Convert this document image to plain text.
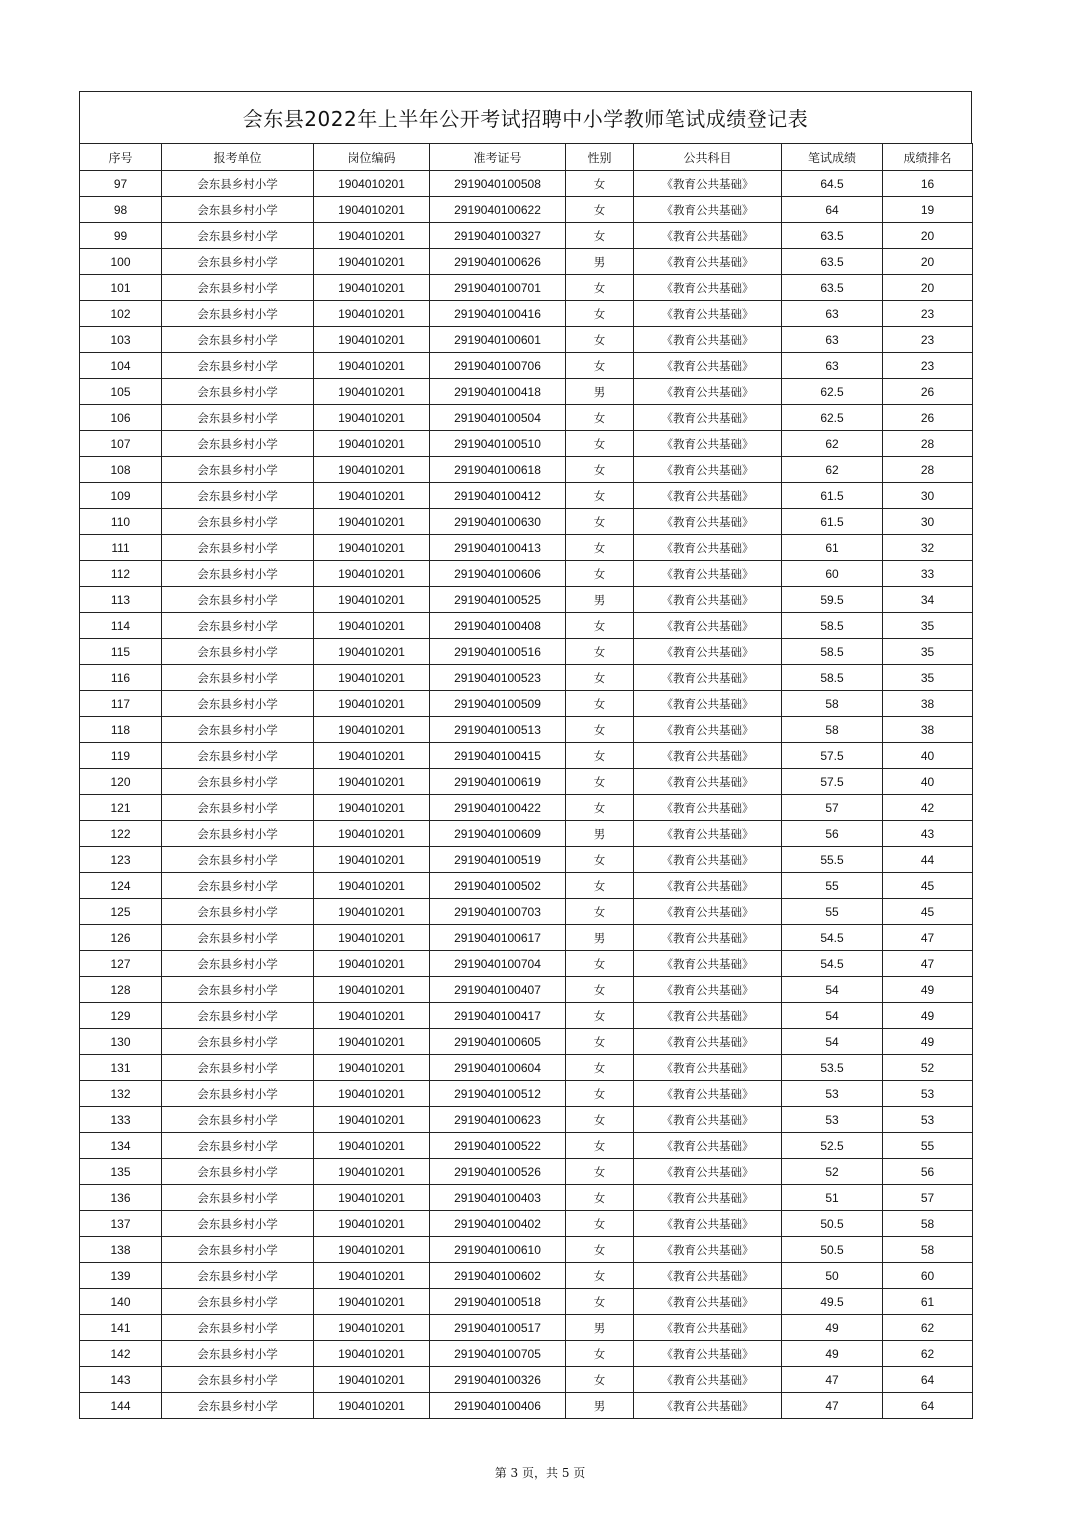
会东县2022年上半年公开考试招聘中小学教师笔试成绩登记表
序号	报考单位	岗位编码	准考证号	性别	公共科目	笔试成绩	成绩排名
97	会东县乡村小学	1904010201	2919040100508	女	《教育公共基础》	64.5	16
98	会东县乡村小学	1904010201	2919040100622	女	《教育公共基础》	64	19
99	会东县乡村小学	1904010201	2919040100327	女	《教育公共基础》	63.5	20
100	会东县乡村小学	1904010201	2919040100626	男	《教育公共基础》	63.5	20
101	会东县乡村小学	1904010201	2919040100701	女	《教育公共基础》	63.5	20
102	会东县乡村小学	1904010201	2919040100416	女	《教育公共基础》	63	23
103	会东县乡村小学	1904010201	2919040100601	女	《教育公共基础》	63	23
104	会东县乡村小学	1904010201	2919040100706	女	《教育公共基础》	63	23
105	会东县乡村小学	1904010201	2919040100418	男	《教育公共基础》	62.5	26
106	会东县乡村小学	1904010201	2919040100504	女	《教育公共基础》	62.5	26
107	会东县乡村小学	1904010201	2919040100510	女	《教育公共基础》	62	28
108	会东县乡村小学	1904010201	2919040100618	女	《教育公共基础》	62	28
109	会东县乡村小学	1904010201	2919040100412	女	《教育公共基础》	61.5	30
110	会东县乡村小学	1904010201	2919040100630	女	《教育公共基础》	61.5	30
111	会东县乡村小学	1904010201	2919040100413	女	《教育公共基础》	61	32
112	会东县乡村小学	1904010201	2919040100606	女	《教育公共基础》	60	33
113	会东县乡村小学	1904010201	2919040100525	男	《教育公共基础》	59.5	34
114	会东县乡村小学	1904010201	2919040100408	女	《教育公共基础》	58.5	35
115	会东县乡村小学	1904010201	2919040100516	女	《教育公共基础》	58.5	35
116	会东县乡村小学	1904010201	2919040100523	女	《教育公共基础》	58.5	35
117	会东县乡村小学	1904010201	2919040100509	女	《教育公共基础》	58	38
118	会东县乡村小学	1904010201	2919040100513	女	《教育公共基础》	58	38
119	会东县乡村小学	1904010201	2919040100415	女	《教育公共基础》	57.5	40
120	会东县乡村小学	1904010201	2919040100619	女	《教育公共基础》	57.5	40
121	会东县乡村小学	1904010201	2919040100422	女	《教育公共基础》	57	42
122	会东县乡村小学	1904010201	2919040100609	男	《教育公共基础》	56	43
123	会东县乡村小学	1904010201	2919040100519	女	《教育公共基础》	55.5	44
124	会东县乡村小学	1904010201	2919040100502	女	《教育公共基础》	55	45
125	会东县乡村小学	1904010201	2919040100703	女	《教育公共基础》	55	45
126	会东县乡村小学	1904010201	2919040100617	男	《教育公共基础》	54.5	47
127	会东县乡村小学	1904010201	2919040100704	女	《教育公共基础》	54.5	47
128	会东县乡村小学	1904010201	2919040100407	女	《教育公共基础》	54	49
129	会东县乡村小学	1904010201	2919040100417	女	《教育公共基础》	54	49
130	会东县乡村小学	1904010201	2919040100605	女	《教育公共基础》	54	49
131	会东县乡村小学	1904010201	2919040100604	女	《教育公共基础》	53.5	52
132	会东县乡村小学	1904010201	2919040100512	女	《教育公共基础》	53	53
133	会东县乡村小学	1904010201	2919040100623	女	《教育公共基础》	53	53
134	会东县乡村小学	1904010201	2919040100522	女	《教育公共基础》	52.5	55
135	会东县乡村小学	1904010201	2919040100526	女	《教育公共基础》	52	56
136	会东县乡村小学	1904010201	2919040100403	女	《教育公共基础》	51	57
137	会东县乡村小学	1904010201	2919040100402	女	《教育公共基础》	50.5	58
138	会东县乡村小学	1904010201	2919040100610	女	《教育公共基础》	50.5	58
139	会东县乡村小学	1904010201	2919040100602	女	《教育公共基础》	50	60
140	会东县乡村小学	1904010201	2919040100518	女	《教育公共基础》	49.5	61
141	会东县乡村小学	1904010201	2919040100517	男	《教育公共基础》	49	62
142	会东县乡村小学	1904010201	2919040100705	女	《教育公共基础》	49	62
143	会东县乡村小学	1904010201	2919040100326	女	《教育公共基础》	47	64
144	会东县乡村小学	1904010201	2919040100406	男	《教育公共基础》	47	64
第 3 页，共 5 页
